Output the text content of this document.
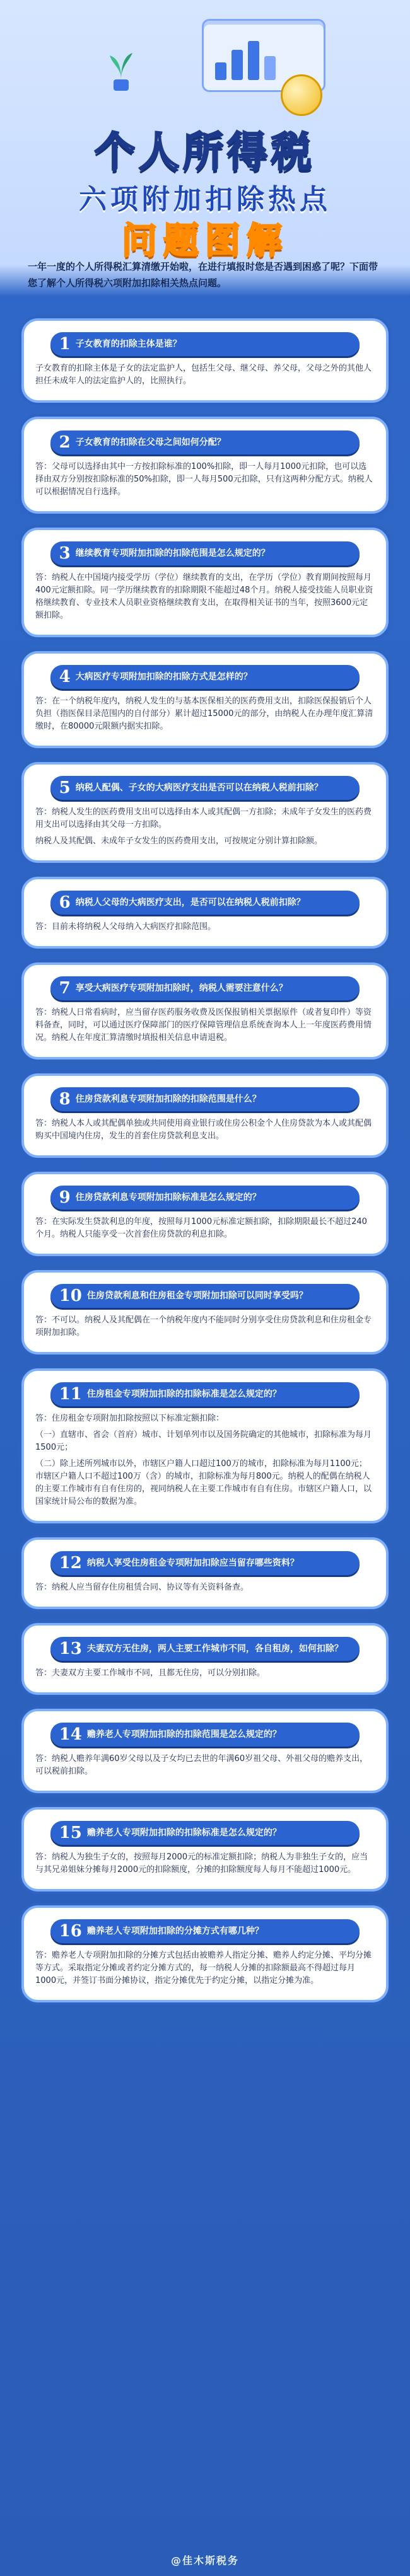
个人所得税
六项附加扣除热点
问题图解
一年一度的个人所得税汇算清缴开始啦，在进行填报时您是否遇到困惑了呢？下面带您了解个人所得税六项附加扣除相关热点问题。
1 子女教育的扣除主体是谁？

子女教育的扣除主体是子女的法定监护人，包括生父母、继父母、养父母，父母之外的其他人担任未成年人的法定监护人的，比照执行。

2 子女教育的扣除在父母之间如何分配？

答：父母可以选择由其中一方按扣除标准的100%扣除，即一人每月1000元扣除，也可以选择由双方分别按扣除标准的50%扣除，即一人每月500元扣除，只有这两种分配方式。纳税人可以根据情况自行选择。

3 继续教育专项附加扣除的扣除范围是怎么规定的？

答：纳税人在中国境内接受学历（学位）继续教育的支出，在学历（学位）教育期间按照每月400元定额扣除。同一学历继续教育的扣除期限不能超过48个月。纳税人接受技能人员职业资格继续教育、专业技术人员职业资格继续教育支出，在取得相关证书的当年，按照3600元定额扣除。

4 大病医疗专项附加扣除的扣除方式是怎样的？

答：在一个纳税年度内，纳税人发生的与基本医保相关的医药费用支出，扣除医保报销后个人负担（指医保目录范围内的自付部分）累计超过15000元的部分，由纳税人在办理年度汇算清缴时，在80000元限额内据实扣除。

5 纳税人配偶、子女的大病医疗支出是否可以在纳税人税前扣除？

答：纳税人发生的医药费用支出可以选择由本人或其配偶一方扣除；未成年子女发生的医药费用支出可以选择由其父母一方扣除。

纳税人及其配偶、未成年子女发生的医药费用支出，可按规定分别计算扣除额。

6 纳税人父母的大病医疗支出，是否可以在纳税人税前扣除？

答：目前未将纳税人父母纳入大病医疗扣除范围。

7 享受大病医疗专项附加扣除时，纳税人需要注意什么？

答：纳税人日常看病时，应当留存医药服务收费及医保报销相关票据原件（或者复印件）等资料备查，同时，可以通过医疗保障部门的医疗保障管理信息系统查询本人上一年度医药费用情况。纳税人在年度汇算清缴时填报相关信息申请退税。

8 住房贷款利息专项附加扣除的扣除范围是什么？

答：纳税人本人或其配偶单独或共同使用商业银行或住房公积金个人住房贷款为本人或其配偶购买中国境内住房，发生的首套住房贷款利息支出。

9 住房贷款利息专项附加扣除标准是怎么规定的？

答：在实际发生贷款利息的年度，按照每月1000元标准定额扣除，扣除期限最长不超过240个月。纳税人只能享受一次首套住房贷款的利息扣除。

10 住房贷款利息和住房租金专项附加扣除可以同时享受吗？

答：不可以。纳税人及其配偶在一个纳税年度内不能同时分别享受住房贷款利息和住房租金专项附加扣除。

11 住房租金专项附加扣除的扣除标准是怎么规定的？

答：住房租金专项附加扣除按照以下标准定额扣除：

（一）直辖市、省会（首府）城市、计划单列市以及国务院确定的其他城市，扣除标准为每月1500元；

（二）除上述所列城市以外，市辖区户籍人口超过100万的城市，扣除标准为每月1100元；市辖区户籍人口不超过100万（含）的城市，扣除标准为每月800元。纳税人的配偶在纳税人的主要工作城市有自有住房的，视同纳税人在主要工作城市有自有住房。市辖区户籍人口，以国家统计局公布的数据为准。

12 纳税人享受住房租金专项附加扣除应当留存哪些资料？

答：纳税人应当留存住房租赁合同、协议等有关资料备查。

13 夫妻双方无住房，两人主要工作城市不同，各自租房，如何扣除？

答：夫妻双方主要工作城市不同，且都无住房，可以分别扣除。

14 赡养老人专项附加扣除的扣除范围是怎么规定的？

答：纳税人赡养年满60岁父母以及子女均已去世的年满60岁祖父母、外祖父母的赡养支出，可以税前扣除。

15 赡养老人专项附加扣除的扣除标准是怎么规定的？

答：纳税人为独生子女的，按照每月2000元的标准定额扣除；纳税人为非独生子女的，应当与其兄弟姐妹分摊每月2000元的扣除额度，分摊的扣除额度每人每月不能超过1000元。

16 赡养老人专项附加扣除的分摊方式有哪几种？

答：赡养老人专项附加扣除的分摊方式包括由被赡养人指定分摊、赡养人约定分摊、平均分摊等方式。采取指定分摊或者约定分摊方式的，每一纳税人分摊的扣除额最高不得超过每月1000元，并签订书面分摊协议，指定分摊优先于约定分摊，以指定分摊为准。

@佳木斯税务
